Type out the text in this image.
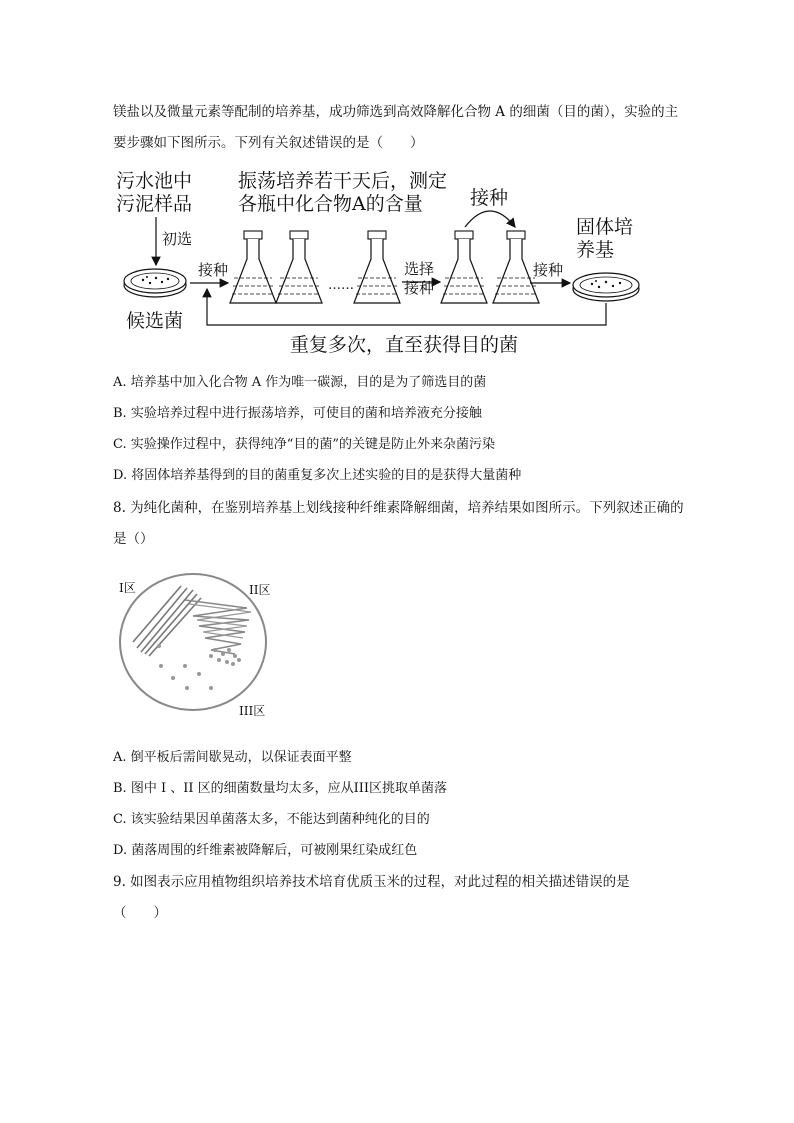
镁盐以及微量元素等配制的培养基，成功筛选到高效降解化合物 A 的细菌（目的菌），实验的主
要步骤如下图所示。下列有关叙述错误的是（　　）
污水池中
污泥样品
初选
候选菌
振荡培养若干天后，测定
各瓶中化合物A的含量
接种
……
选择
接种
接种
接种
固体培
养基
重复多次，直至获得目的菌
A. 培养基中加入化合物 A 作为唯一碳源，目的是为了筛选目的菌
B. 实验培养过程中进行振荡培养，可使目的菌和培养液充分接触
C. 实验操作过程中，获得纯净“目的菌”的关键是防止外来杂菌污染
D. 将固体培养基得到的目的菌重复多次上述实验的目的是获得大量菌种
8. 为纯化菌种，在鉴别培养基上划线接种纤维素降解细菌，培养结果如图所示。下列叙述正确的
是（）
I区	II区
III区
A. 倒平板后需间歇晃动，以保证表面平整
B. 图中 I 、II 区的细菌数量均太多，应从III区挑取单菌落
C. 该实验结果因单菌落太多，不能达到菌种纯化的目的
D. 菌落周围的纤维素被降解后，可被刚果红染成红色
9. 如图表示应用植物组织培养技术培育优质玉米的过程，对此过程的相关描述错误的是
（　　）
